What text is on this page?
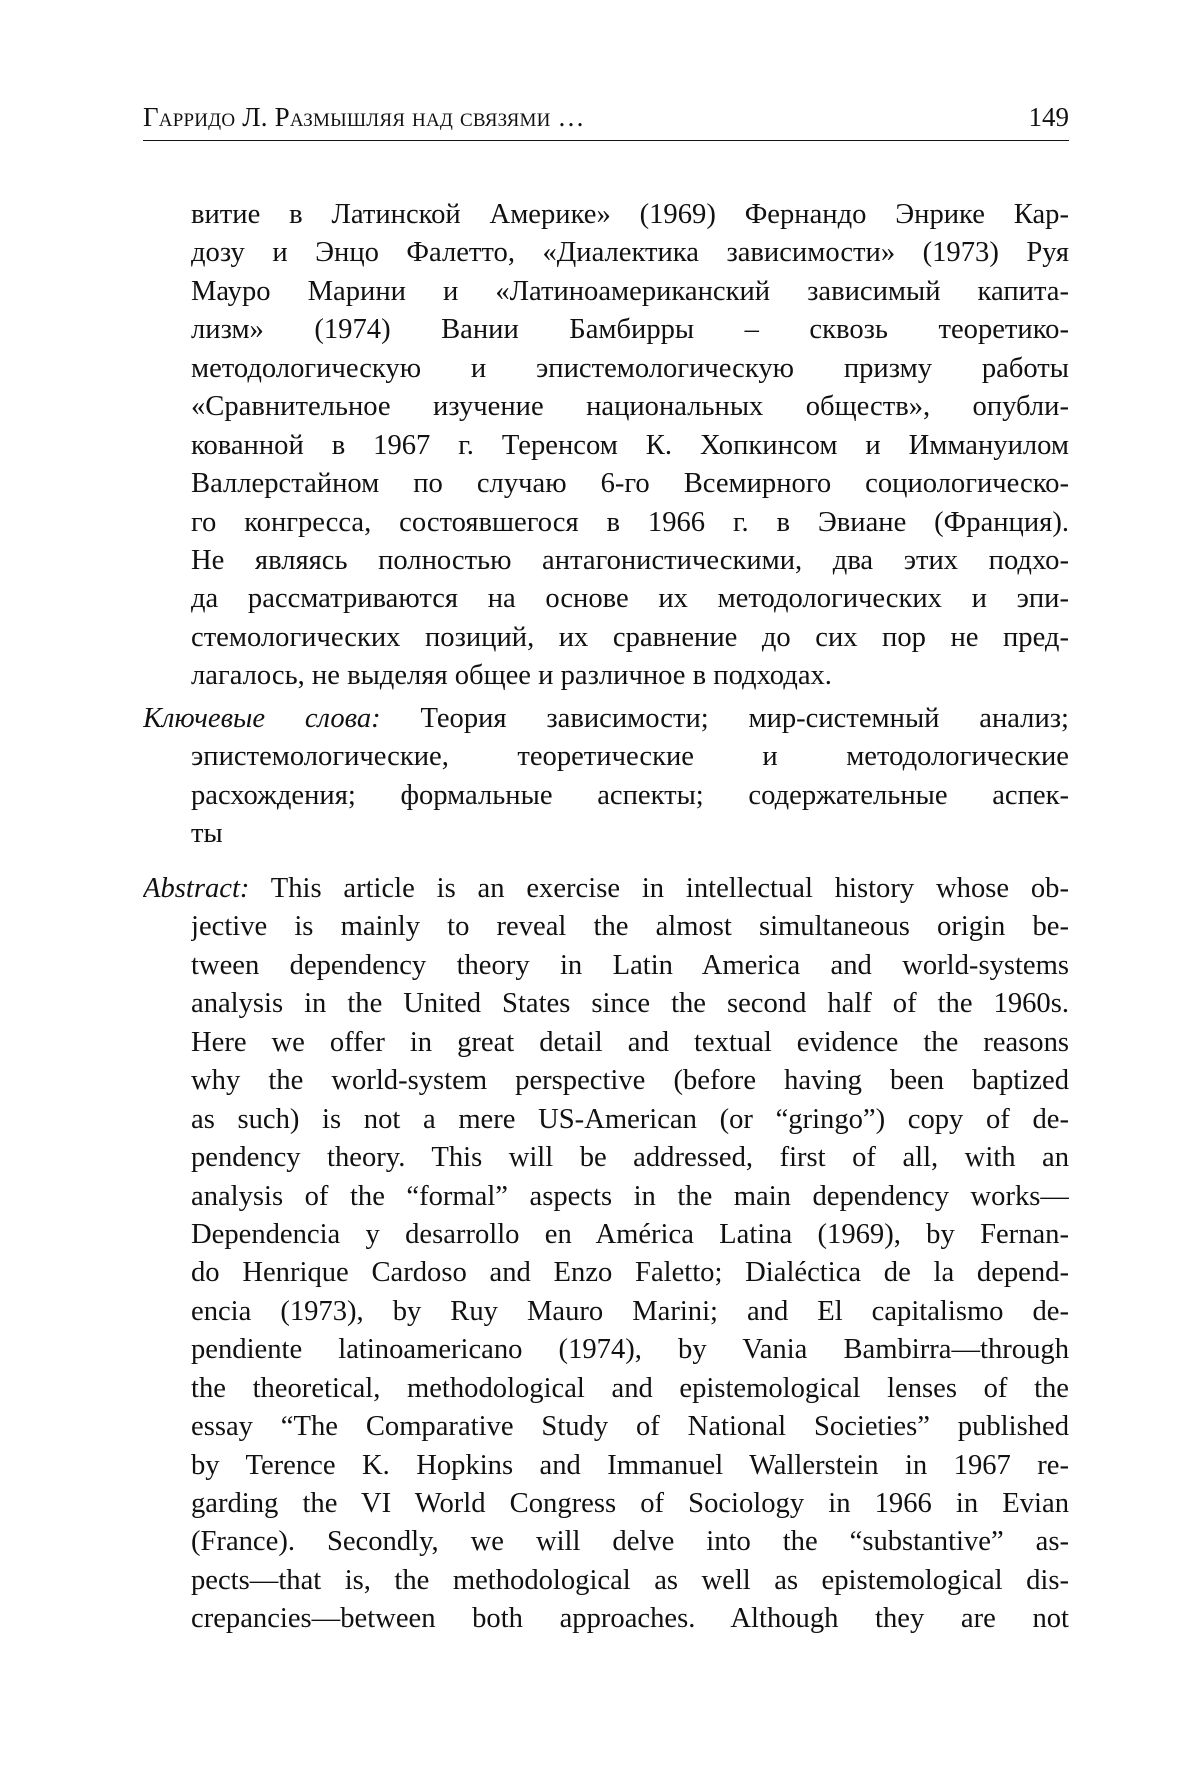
Гарридо Л. Размышляя над связями …	149
витие в Латинской Америке» (1969) Фернандо Энрике Кар-
дозу и Энцо Фалетто, «Диалектика зависимости» (1973) Руя
Мауро Марини и «Латиноамериканский зависимый капита-
лизм» (1974) Вании Бамбирры – сквозь теоретико-
методологическую и эпистемологическую призму работы
«Сравнительное изучение национальных обществ», опубли-
кованной в 1967 г. Теренсом К. Хопкинсом и Иммануилом
Валлерстайном по случаю 6-го Всемирного социологическо-
го конгресса, состоявшегося в 1966 г. в Эвиане (Франция).
Не являясь полностью антагонистическими, два этих подхо-
да рассматриваются на основе их методологических и эпи-
стемологических позиций, их сравнение до сих пор не пред-
лагалось, не выделяя общее и различное в подходах.
Ключевые слова: Теория зависимости; мир-системный анализ;
эпистемологические, теоретические и методологические
расхождения; формальные аспекты; содержательные аспек-
ты
Abstract: This article is an exercise in intellectual history whose ob-
jective is mainly to reveal the almost simultaneous origin be-
tween dependency theory in Latin America and world-systems
analysis in the United States since the second half of the 1960s.
Here we offer in great detail and textual evidence the reasons
why the world-system perspective (before having been baptized
as such) is not a mere US-American (or “gringo”) copy of de-
pendency theory. This will be addressed, first of all, with an
analysis of the “formal” aspects in the main dependency works—
Dependencia y desarrollo en América Latina (1969), by Fernan-
do Henrique Cardoso and Enzo Faletto; Dialéctica de la depend-
encia (1973), by Ruy Mauro Marini; and El capitalismo de-
pendiente latinoamericano (1974), by Vania Bambirra—through
the theoretical, methodological and epistemological lenses of the
essay “The Comparative Study of National Societies” published
by Terence K. Hopkins and Immanuel Wallerstein in 1967 re-
garding the VI World Congress of Sociology in 1966 in Evian
(France). Secondly, we will delve into the “substantive” as-
pects—that is, the methodological as well as epistemological dis-
crepancies—between both approaches. Although they are not
